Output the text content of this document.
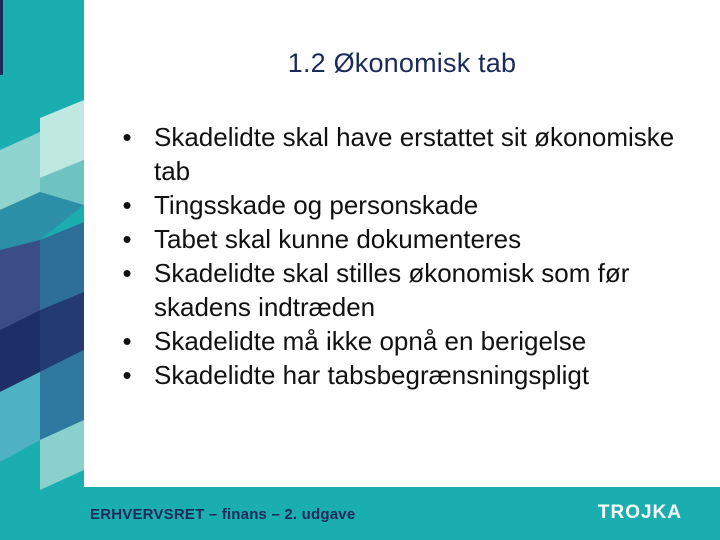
1.2 Økonomisk tab
• Skadelidte skal have erstattet sit økonomiske tab
• Tingsskade og personskade
• Tabet skal kunne dokumenteres
• Skadelidte skal stilles økonomisk som før skadens indtræden
• Skadelidte må ikke opnå en berigelse
• Skadelidte har tabsbegrænsningspligt
ERHVERVSRET – finans – 2. udgave	TROJKA
